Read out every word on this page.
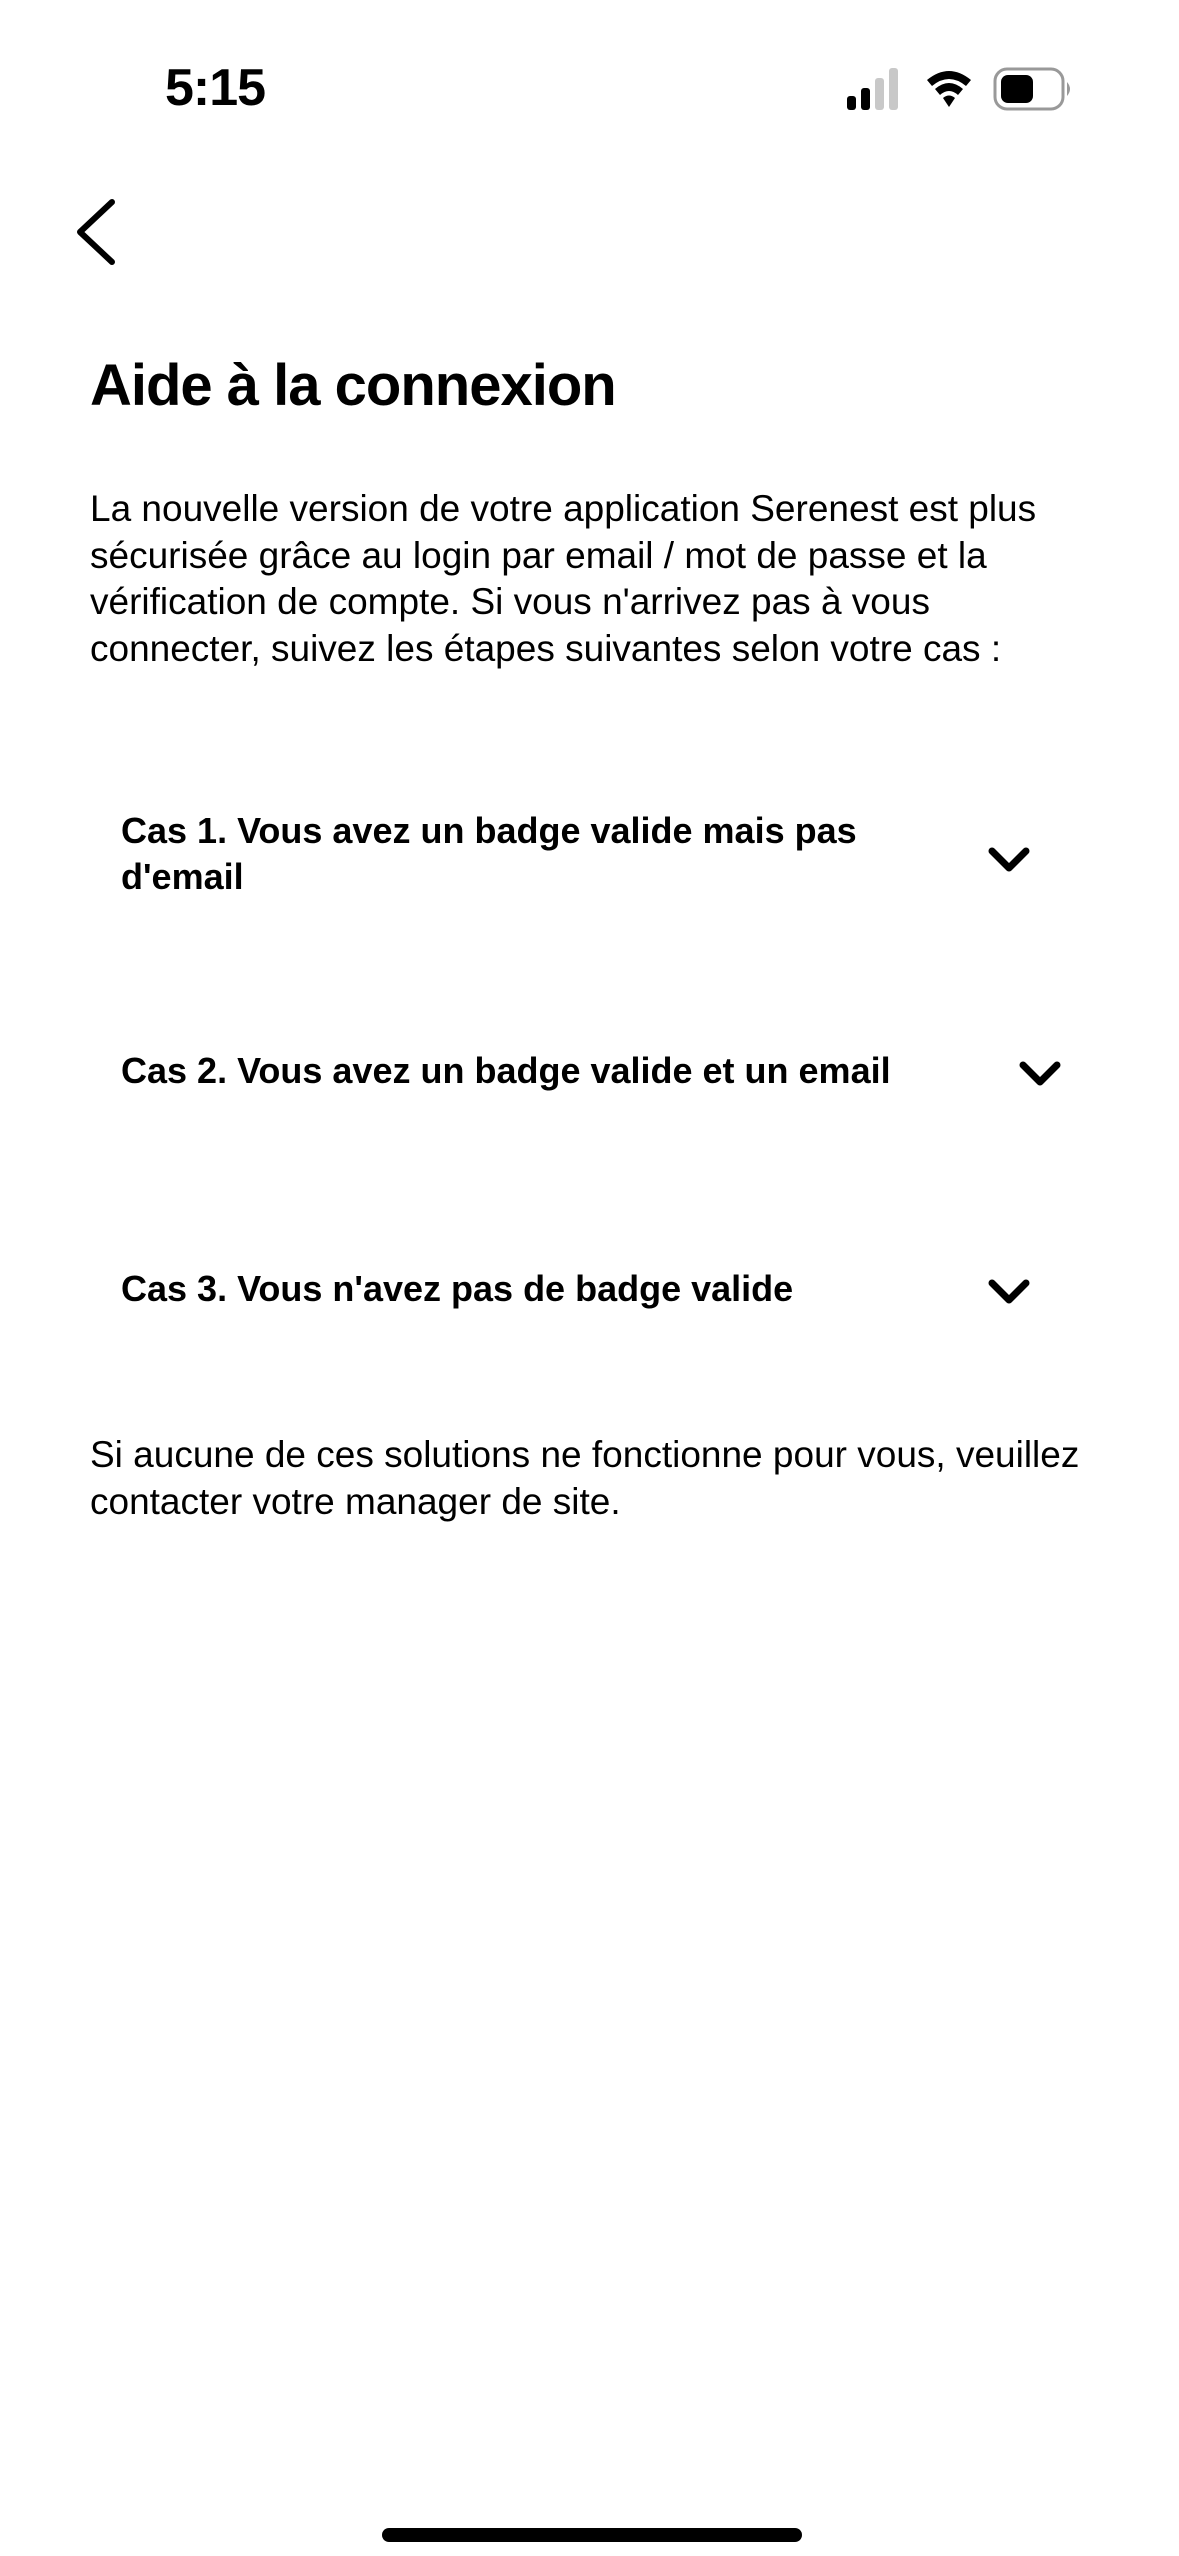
5:15
Aide à la connexion

La nouvelle version de votre application Serenest est plus sécurisée grâce au login par email / mot de passe et la vérification de compte. Si vous n'arrivez pas à vous connecter, suivez les étapes suivantes selon votre cas :

Cas 1. Vous avez un badge valide mais pas d'email
Cas 2. Vous avez un badge valide et un email
Cas 3. Vous n'avez pas de badge valide

Si aucune de ces solutions ne fonctionne pour vous, veuillez contacter votre manager de site.
